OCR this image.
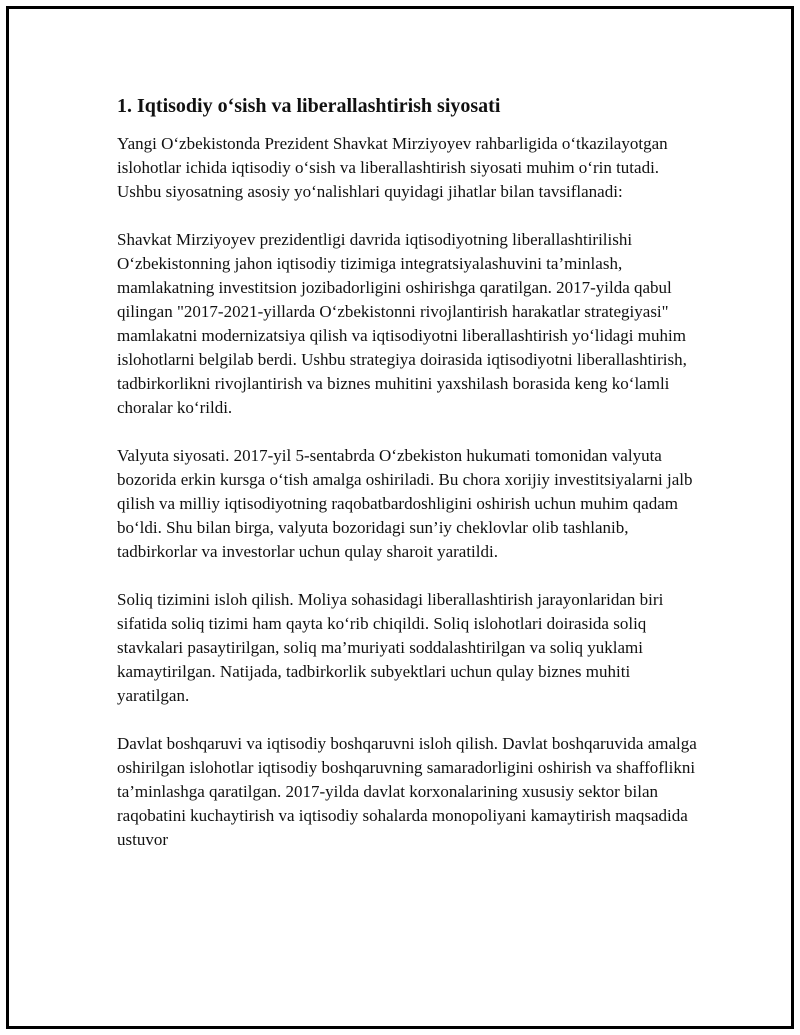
1. Iqtisodiy o‘sish va liberallashtirish siyosati

Yangi O‘zbekistonda Prezident Shavkat Mirziyoyev rahbarligida o‘tkazilayotgan islohotlar ichida iqtisodiy o‘sish va liberallashtirish siyosati muhim o‘rin tutadi. Ushbu siyosatning asosiy yo‘nalishlari quyidagi jihatlar bilan tavsiflanadi:

Shavkat Mirziyoyev prezidentligi davrida iqtisodiyotning liberallashtirilishi O‘zbekistonning jahon iqtisodiy tizimiga integratsiyalashuvini ta’minlash, mamlakatning investitsion jozibadorligini oshirishga qaratilgan. 2017-yilda qabul qilingan "2017-2021-yillarda O‘zbekistonni rivojlantirish harakatlar strategiyasi" mamlakatni modernizatsiya qilish va iqtisodiyotni liberallashtirish yo‘lidagi muhim islohotlarni belgilab berdi. Ushbu strategiya doirasida iqtisodiyotni liberallashtirish, tadbirkorlikni rivojlantirish va biznes muhitini yaxshilash borasida keng ko‘lamli choralar ko‘rildi.

Valyuta siyosati. 2017-yil 5-sentabrda O‘zbekiston hukumati tomonidan valyuta bozorida erkin kursga o‘tish amalga oshiriladi. Bu chora xorijiy investitsiyalarni jalb qilish va milliy iqtisodiyotning raqobatbardoshligini oshirish uchun muhim qadam bo‘ldi. Shu bilan birga, valyuta bozoridagi sun’iy cheklovlar olib tashlanib, tadbirkorlar va investorlar uchun qulay sharoit yaratildi.

Soliq tizimini isloh qilish. Moliya sohasidagi liberallashtirish jarayonlaridan biri sifatida soliq tizimi ham qayta ko‘rib chiqildi. Soliq islohotlari doirasida soliq stavkalari pasaytirilgan, soliq ma’muriyati soddalashtirilgan va soliq yuklami kamaytirilgan. Natijada, tadbirkorlik subyektlari uchun qulay biznes muhiti yaratilgan.

Davlat boshqaruvi va iqtisodiy boshqaruvni isloh qilish. Davlat boshqaruvida amalga oshirilgan islohotlar iqtisodiy boshqaruvning samaradorligini oshirish va shaffoflikni ta’minlashga qaratilgan. 2017-yilda davlat korxonalarining xususiy sektor bilan raqobatini kuchaytirish va iqtisodiy sohalarda monopoliyani kamaytirish maqsadida ustuvor
